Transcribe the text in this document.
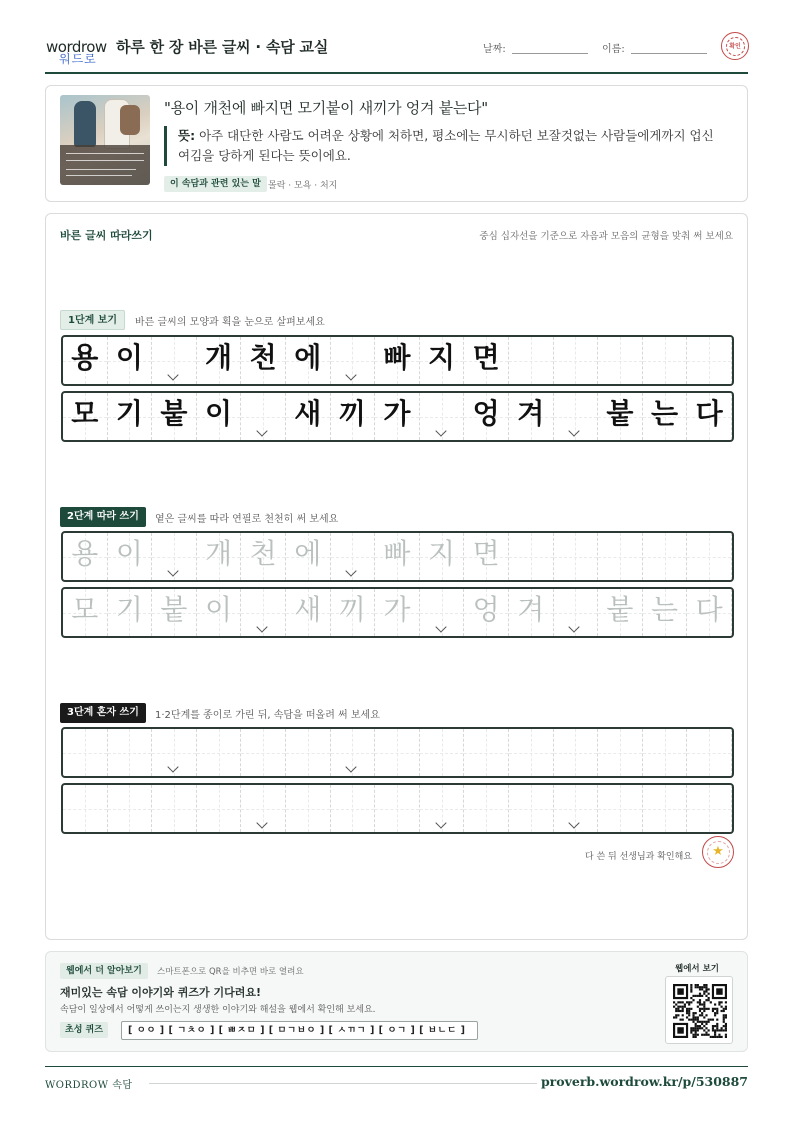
wordrow
워드로
하루 한 장 바른 글씨 · 속담 교실	날짜:	이름:	확인
"용이 개천에 빠지면 모기붙이 새끼가 엉겨 붙는다"
뜻: 아주 대단한 사람도 어려운 상황에 처하면, 평소에는 무시하던 보잘것없는 사람들에게까지 업신여김을 당하게 된다는 뜻이에요.
이 속담과 관련 있는 말 몰락 · 모욕 · 처지
바른 글씨 따라쓰기	중심 십자선을 기준으로 자음과 모음의 균형을 맞춰 써 보세요
1단계 보기	바른 글씨의 모양과 획을 눈으로 살펴보세요
용 이 개 천 에 빠 지 면
모 기 붙 이 새 끼 가 엉 겨 붙 는 다
2단계 따라 쓰기	옅은 글씨를 따라 연필로 천천히 써 보세요
용 이 개 천 에 빠 지 면
모 기 붙 이 새 끼 가 엉 겨 붙 는 다
3단계 혼자 쓰기	1·2단계를 종이로 가린 뒤, 속담을 떠올려 써 보세요
다 쓴 뒤 선생님과 확인해요	★
웹에서 더 알아보기	스마트폰으로 QR을 비추면 바로 열려요
재미있는 속담 이야기와 퀴즈가 기다려요!
속담이 일상에서 어떻게 쓰이는지 생생한 이야기와 해설을 웹에서 확인해 보세요.
초성 퀴즈	[ ㅇㅇ ] [ ㄱㅊㅇ ] [ ㅃㅈㅁ ] [ ㅁㄱㅂㅇ ] [ ㅅㄲㄱ ] [ ㅇㄱ ] [ ㅂㄴㄷ ]
웹에서 보기
WORDROW 속담	proverb.wordrow.kr/p/530887
